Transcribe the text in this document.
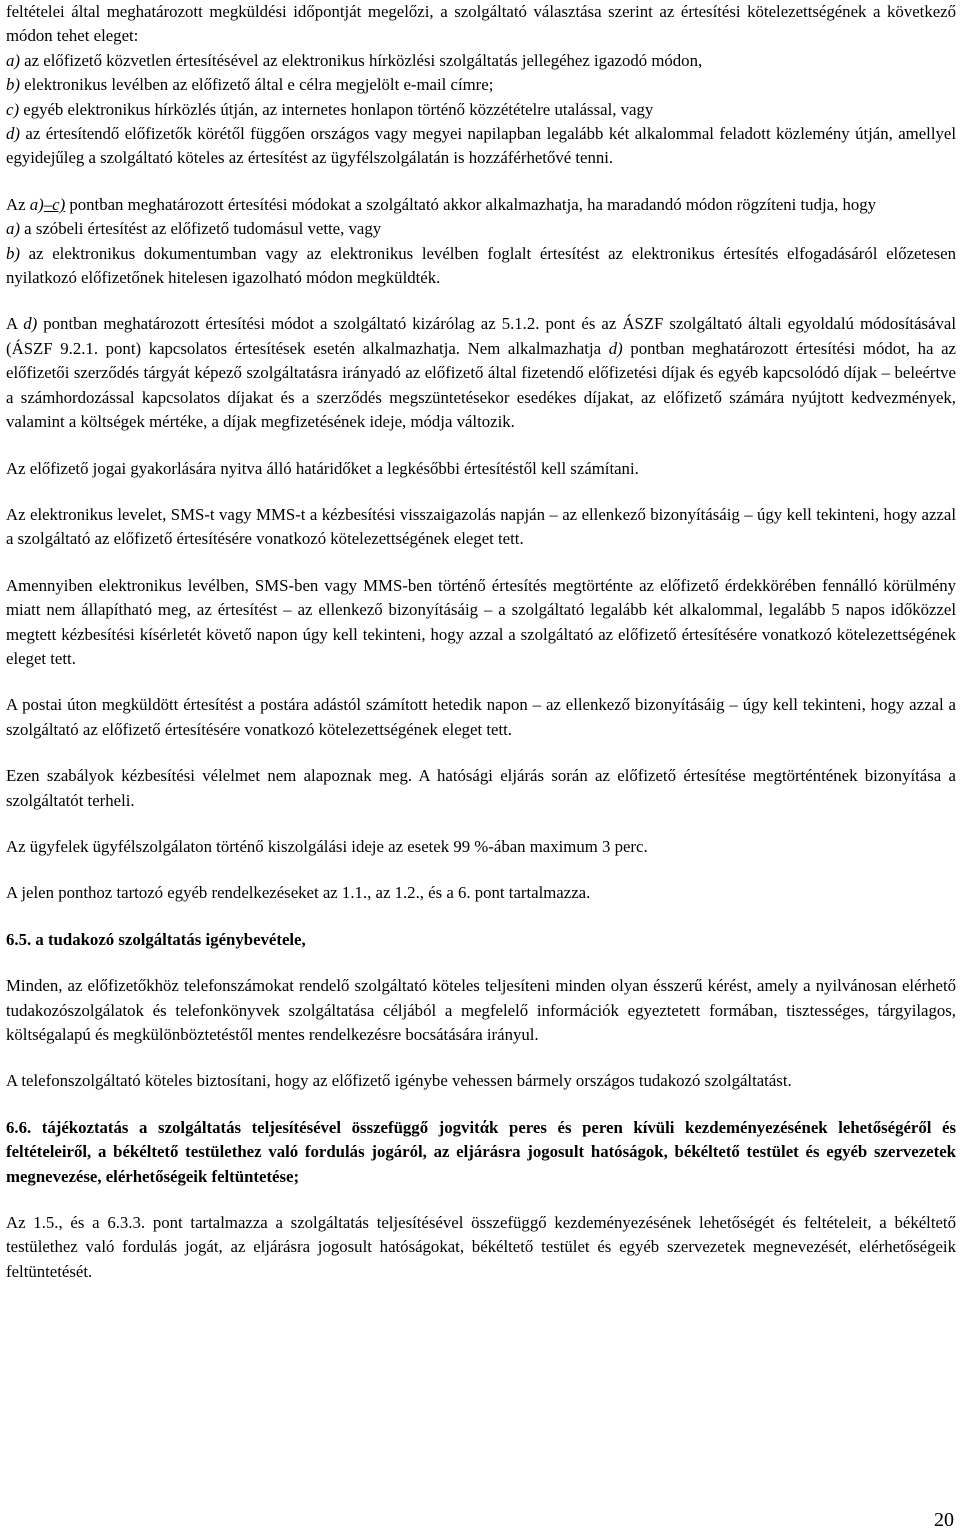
feltételei által meghatározott megküldési időpontját megelőzi, a szolgáltató választása szerint az értesítési kötelezettségének a következő módon tehet eleget:

a) az előfizető közvetlen értesítésével az elektronikus hírközlési szolgáltatás jellegéhez igazodó módon,

b) elektronikus levélben az előfizető által e célra megjelölt e-mail címre;

c) egyéb elektronikus hírközlés útján, az internetes honlapon történő közzétételre utalással, vagy

d) az értesítendő előfizetők körétől függően országos vagy megyei napilapban legalább két alkalommal feladott közlemény útján, amellyel egyidejűleg a szolgáltató köteles az értesítést az ügyfélszolgálatán is hozzáférhetővé tenni.

Az a)–c) pontban meghatározott értesítési módokat a szolgáltató akkor alkalmazhatja, ha maradandó módon rögzíteni tudja, hogy

a) a szóbeli értesítést az előfizető tudomásul vette, vagy

b) az elektronikus dokumentumban vagy az elektronikus levélben foglalt értesítést az elektronikus értesítés elfogadásáról előzetesen nyilatkozó előfizetőnek hitelesen igazolható módon megküldték.

A d) pontban meghatározott értesítési módot a szolgáltató kizárólag az 5.1.2. pont és az ÁSZF szolgáltató általi egyoldalú módosításával (ÁSZF 9.2.1. pont) kapcsolatos értesítések esetén alkalmazhatja. Nem alkalmazhatja d) pontban meghatározott értesítési módot, ha az előfizetői szerződés tárgyát képező szolgáltatásra irányadó az előfizető által fizetendő előfizetési díjak és egyéb kapcsolódó díjak – beleértve a számhordozással kapcsolatos díjakat és a szerződés megszüntetésekor esedékes díjakat, az előfizető számára nyújtott kedvezmények, valamint a költségek mértéke, a díjak megfizetésének ideje, módja változik.

Az előfizető jogai gyakorlására nyitva álló határidőket a legkésőbbi értesítéstől kell számítani.

Az elektronikus levelet, SMS-t vagy MMS-t a kézbesítési visszaigazolás napján – az ellenkező bizonyításáig – úgy kell tekinteni, hogy azzal a szolgáltató az előfizető értesítésére vonatkozó kötelezettségének eleget tett.

Amennyiben elektronikus levélben, SMS-ben vagy MMS-ben történő értesítés megtörténte az előfizető érdekkörében fennálló körülmény miatt nem állapítható meg, az értesítést – az ellenkező bizonyításáig – a szolgáltató legalább két alkalommal, legalább 5 napos időközzel megtett kézbesítési kísérletét követő napon úgy kell tekinteni, hogy azzal a szolgáltató az előfizető értesítésére vonatkozó kötelezettségének eleget tett.

A postai úton megküldött értesítést a postára adástól számított hetedik napon – az ellenkező bizonyításáig – úgy kell tekinteni, hogy azzal a szolgáltató az előfizető értesítésére vonatkozó kötelezettségének eleget tett.

Ezen szabályok kézbesítési vélelmet nem alapoznak meg. A hatósági eljárás során az előfizető értesítése megtörténtének bizonyítása a szolgáltatót terheli.

Az ügyfelek ügyfélszolgálaton történő kiszolgálási ideje az esetek 99 %-ában maximum 3 perc.

A jelen ponthoz tartozó egyéb rendelkezéseket az 1.1., az 1.2., és a 6. pont tartalmazza.

6.5. a tudakozó szolgáltatás igénybevétele,

Minden, az előfizetőkhöz telefonszámokat rendelő szolgáltató köteles teljesíteni minden olyan ésszerű kérést, amely a nyilvánosan elérhető tudakozószolgálatok és telefonkönyvek szolgáltatása céljából a megfelelő információk egyeztetett formában, tisztességes, tárgyilagos, költségalapú és megkülönböztetéstől mentes rendelkezésre bocsátására irányul.

A telefonszolgáltató köteles biztosítani, hogy az előfizető igénybe vehessen bármely országos tudakozó szolgáltatást.

6.6. tájékoztatás a szolgáltatás teljesítésével összefüggő jogvitάk peres és peren kívüli kezdeményezésének lehetőségéről és feltételeiről, a békéltető testülethez való fordulás jogáról, az eljárásra jogosult hatóságok, békéltető testület és egyéb szervezetek megnevezése, elérhetőségeik feltüntetése;

Az 1.5., és a 6.3.3. pont tartalmazza a szolgáltatás teljesítésével összefüggő kezdeményezésének lehetőségét és feltételeit, a békéltető testülethez való fordulás jogát, az eljárásra jogosult hatóságokat, békéltető testület és egyéb szervezetek megnevezését, elérhetőségeik feltüntetését.

20
